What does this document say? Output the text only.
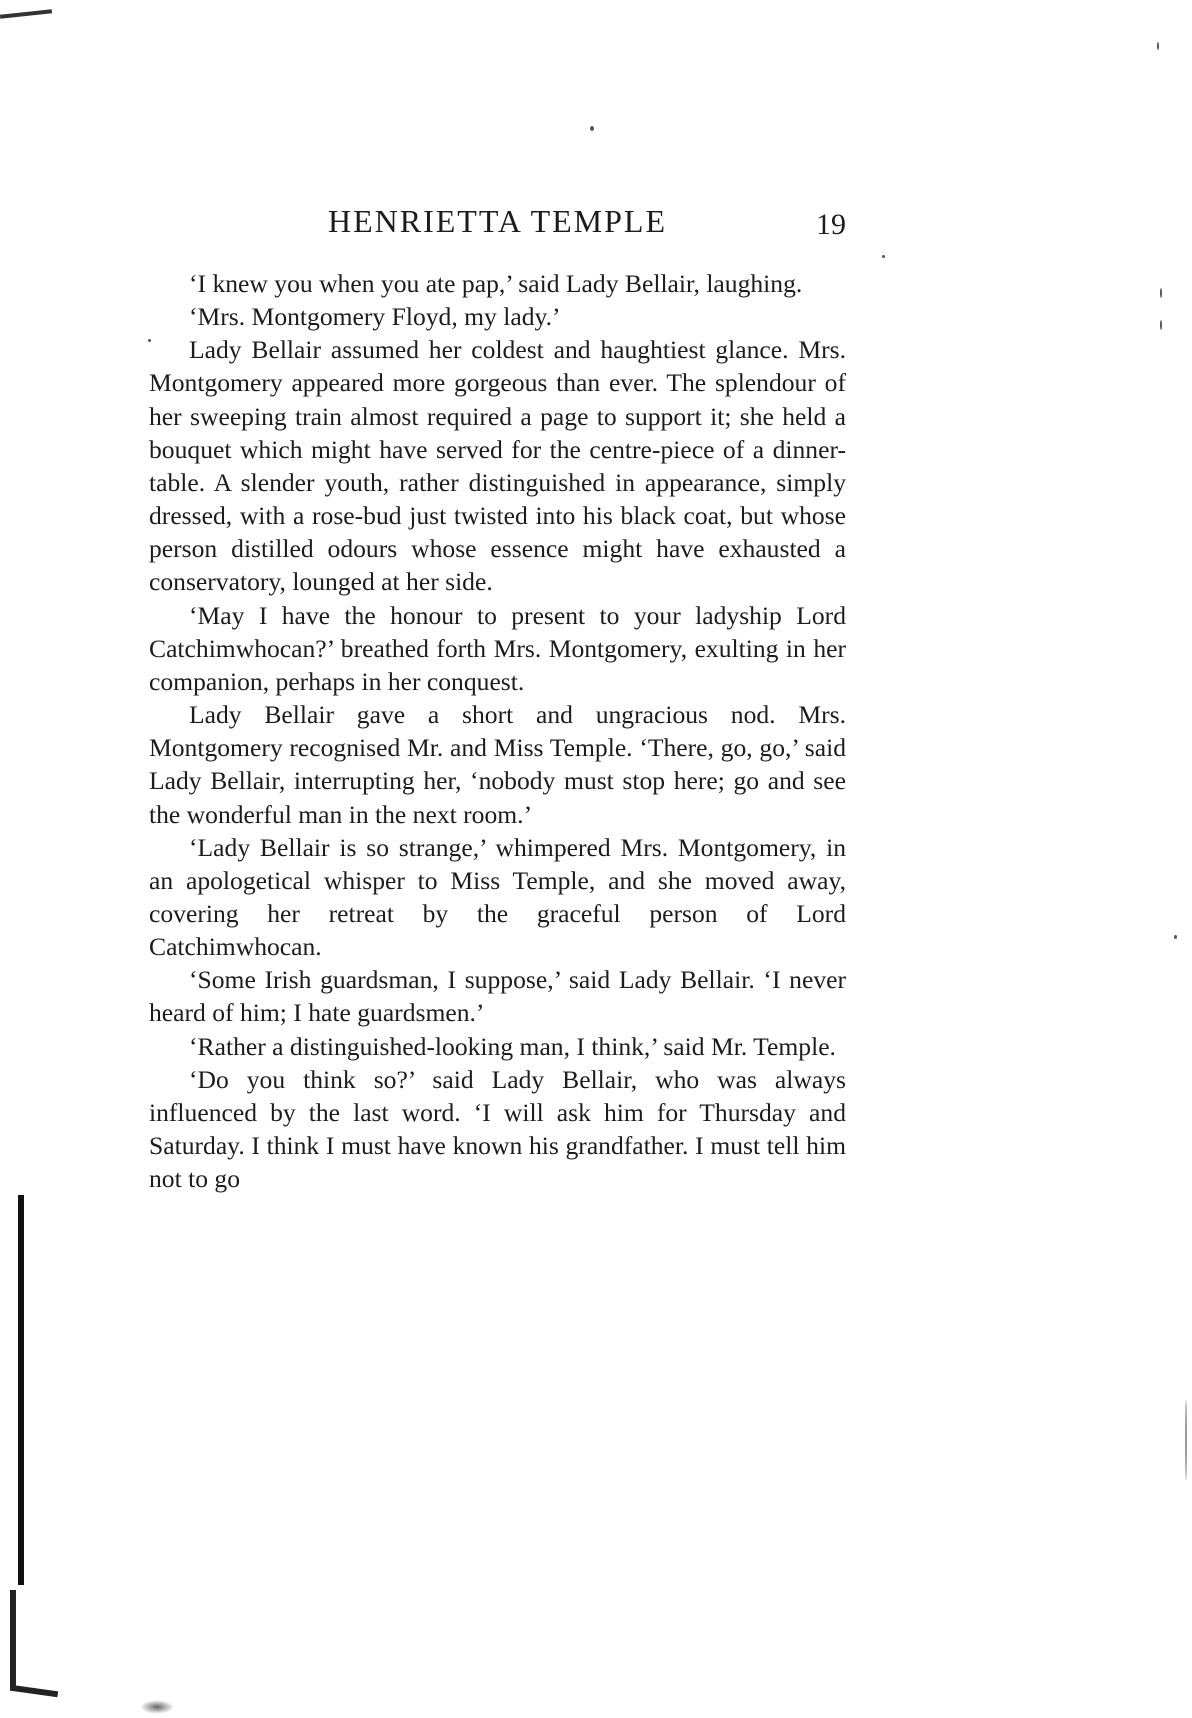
HENRIETTA TEMPLE	19

‘I knew you when you ate pap,’ said Lady Bellair, laughing.

‘Mrs. Montgomery Floyd, my lady.’

Lady Bellair assumed her coldest and haughtiest glance. Mrs. Montgomery appeared more gorgeous than ever. The splendour of her sweeping train almost required a page to support it; she held a bouquet which might have served for the centre-piece of a dinner-table. A slender youth, rather distinguished in appearance, simply dressed, with a rose-bud just twisted into his black coat, but whose person distilled odours whose essence might have exhausted a conservatory, lounged at her side.

‘May I have the honour to present to your ladyship Lord Catchimwhocan?’ breathed forth Mrs. Montgomery, exulting in her companion, perhaps in her conquest.

Lady Bellair gave a short and ungracious nod. Mrs. Montgomery recognised Mr. and Miss Temple. ‘There, go, go,’ said Lady Bellair, interrupting her, ‘nobody must stop here; go and see the wonderful man in the next room.’

‘Lady Bellair is so strange,’ whimpered Mrs. Montgomery, in an apologetical whisper to Miss Temple, and she moved away, covering her retreat by the graceful person of Lord Catchimwhocan.

‘Some Irish guardsman, I suppose,’ said Lady Bellair. ‘I never heard of him; I hate guardsmen.’

‘Rather a distinguished-looking man, I think,’ said Mr. Temple.

‘Do you think so?’ said Lady Bellair, who was always influenced by the last word. ‘I will ask him for Thursday and Saturday. I think I must have known his grandfather. I must tell him not to go
